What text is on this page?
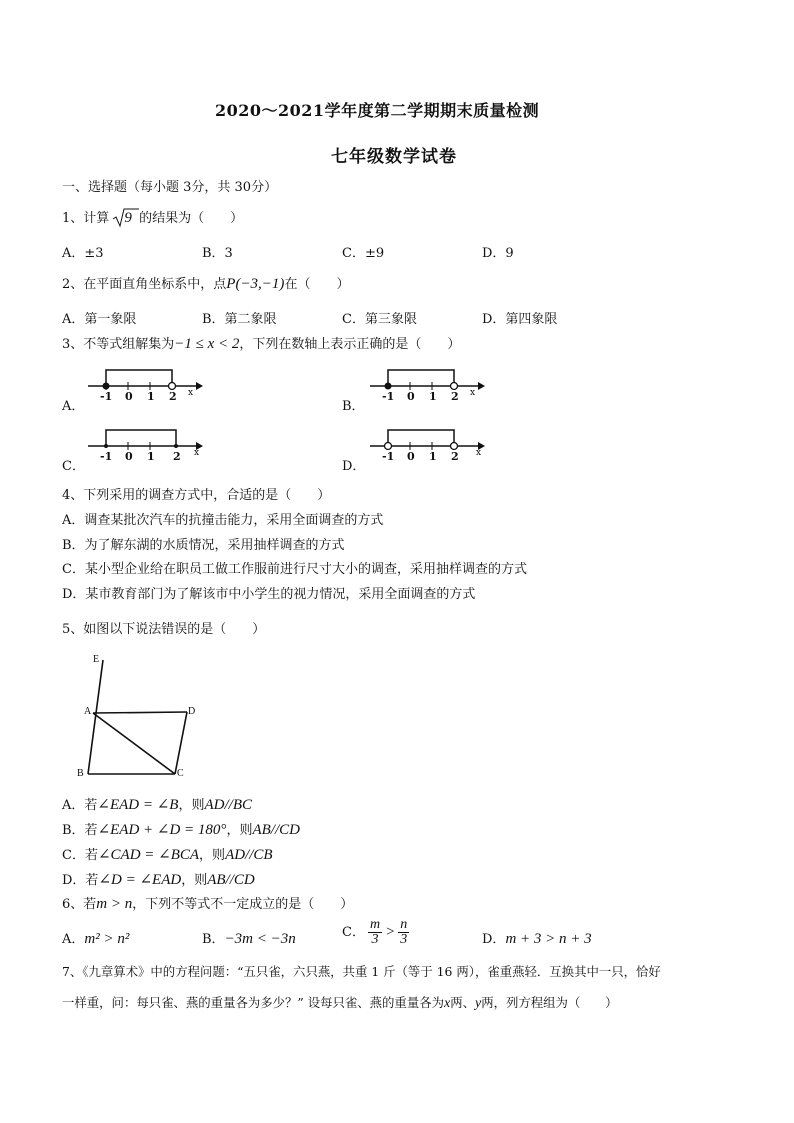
2020～2021学年度第二学期期末质量检测
七年级数学试卷
一、选择题（每小题 3分，共 30分）
1、计算 9 的结果为（　　）
A．±3	B．3	C．±9	D．9
2、在平面直角坐标系中，点P(−3,−1)在（　　）
A．第一象限	B．第二象限	C．第三象限	D．第四象限
3、不等式组解集为−1 ≤ x < 2，下列在数轴上表示正确的是（　　）
A．	B．
C．	D．
-1 0 1 2 x	-1 0 1 2 x
-1 0 1 2 x	-1 0 1 2 x
4、下列采用的调查方式中，合适的是（　　）
A．调查某批次汽车的抗撞击能力，采用全面调查的方式
B．为了解东湖的水质情况，采用抽样调查的方式
C．某小型企业给在职员工做工作服前进行尺寸大小的调查，采用抽样调查的方式
D．某市教育部门为了解该市中小学生的视力情况，采用全面调查的方式
5、如图以下说法错误的是（　　）
E
A	D
B	C
A．若∠EAD = ∠B，则AD//BC
B．若∠EAD + ∠D = 180°，则AB//CD
C．若∠CAD = ∠BCA，则AD//CB
D．若∠D = ∠EAD，则AB//CD
6、若m > n，下列不等式不一定成立的是（　　）
A．m² > n²	B．−3m < −3n	C． $\frac{m}{3} > \frac{n}{3}$	D．m + 3 > n + 3
7、《九章算术》中的方程问题：“五只雀，六只燕，共重 1 斤（等于 16 两），雀重燕轻．互换其中一只，恰好
一样重，问：每只雀、燕的重量各为多少？” 设每只雀、燕的重量各为x两、y两，列方程组为（　　）
